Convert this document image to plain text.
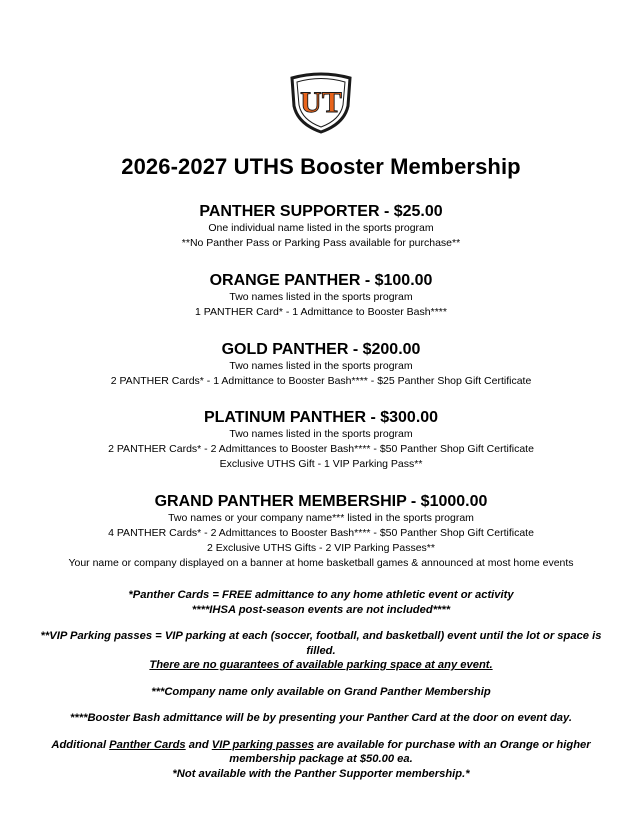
UT
2026-2027 UTHS Booster Membership
PANTHER SUPPORTER - $25.00

One individual name listed in the sports program

**No Panther Pass or Parking Pass available for purchase**

ORANGE PANTHER - $100.00

Two names listed in the sports program

1 PANTHER Card* - 1 Admittance to Booster Bash****

GOLD PANTHER - $200.00

Two names listed in the sports program

2 PANTHER Cards* - 1 Admittance to Booster Bash**** - $25 Panther Shop Gift Certificate

PLATINUM PANTHER - $300.00

Two names listed in the sports program

2 PANTHER Cards* - 2 Admittances to Booster Bash**** - $50 Panther Shop Gift Certificate

Exclusive UTHS Gift - 1 VIP Parking Pass**

GRAND PANTHER MEMBERSHIP - $1000.00

Two names or your company name*** listed in the sports program

4 PANTHER Cards* - 2 Admittances to Booster Bash**** - $50 Panther Shop Gift Certificate

2 Exclusive UTHS Gifts - 2 VIP Parking Passes**

Your name or company displayed on a banner at home basketball games & announced at most home events

*Panther Cards = FREE admittance to any home athletic event or activity

****IHSA post-season events are not included****

**VIP Parking passes = VIP parking at each (soccer, football, and basketball) event until the lot or space is filled.

There are no guarantees of available parking space at any event.

***Company name only available on Grand Panther Membership

****Booster Bash admittance will be by presenting your Panther Card at the door on event day.

Additional Panther Cards and VIP parking passes are available for purchase with an Orange or higher membership package at $50.00 ea.

*Not available with the Panther Supporter membership.*
